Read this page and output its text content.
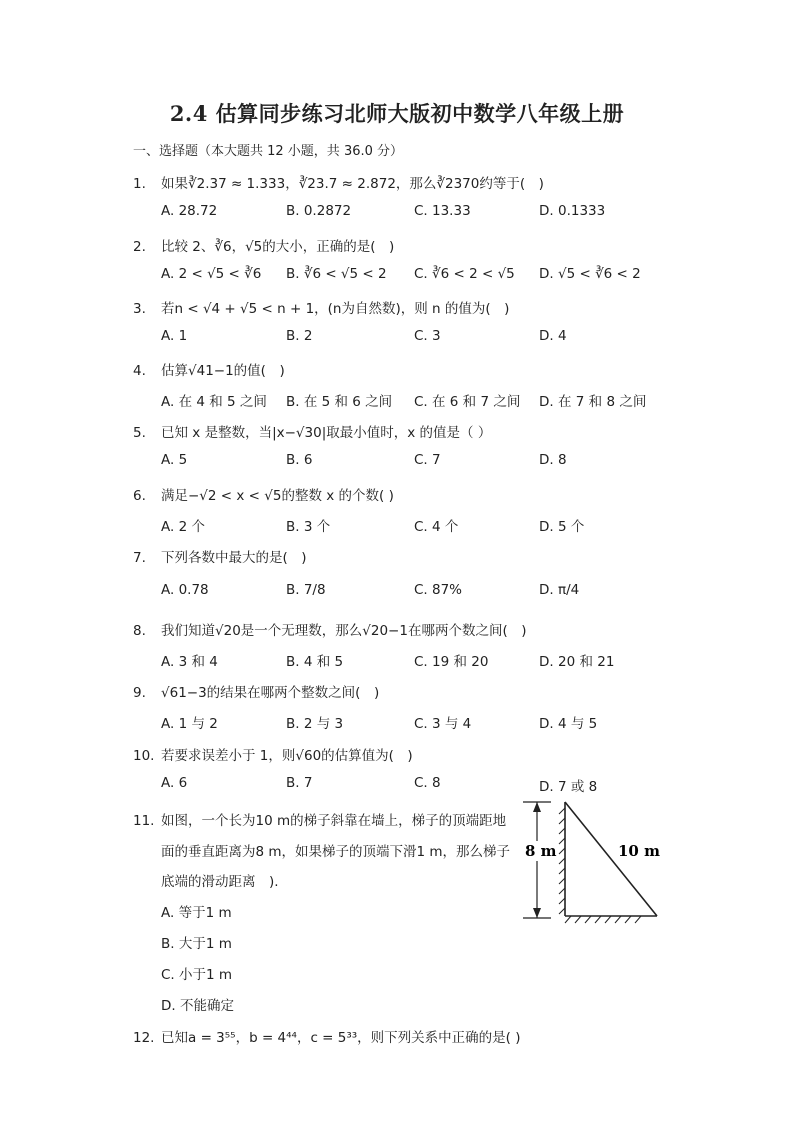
2.4 估算同步练习北师大版初中数学八年级上册
一、选择题（本大题共 12 小题，共 36.0 分）
1. 如果∛2.37 ≈ 1.333，∛23.7 ≈ 2.872，那么∛2370约等于(　)
A. 28.72	B. 0.2872	C. 13.33	D. 0.1333
2. 比较 2、∛6，√5的大小，正确的是(　)
A. 2 < √5 < ∛6 B. ∛6 < √5 < 2 C. ∛6 < 2 < √5 D. √5 < ∛6 < 2
3. 若n < √4 + √5 < n + 1，(n为自然数)，则 n 的值为(　)
A. 1	B. 2	C. 3	D. 4
4. 估算√41−1的值(　)
A. 在 4 和 5 之间 B. 在 5 和 6 之间 C. 在 6 和 7 之间 D. 在 7 和 8 之间
5. 已知 x 是整数，当|x−√30|取最小值时，x 的值是（ ）
A. 5	B. 6	C. 7	D. 8
6. 满足−√2 < x < √5的整数 x 的个数( )
A. 2 个	B. 3 个	C. 4 个	D. 5 个
7. 下列各数中最大的是(　)
A. 0.78	B. 7/8	C. 87%	D. π/4
8. 我们知道√20是一个无理数，那么√20−1在哪两个数之间(　)
A. 3 和 4	B. 4 和 5	C. 19 和 20	D. 20 和 21
9. √61−3的结果在哪两个整数之间(　)
A. 1 与 2	B. 2 与 3	C. 3 与 4	D. 4 与 5
10. 若要求误差小于 1，则√60的估算值为(　)
A. 6	B. 7	C. 8	D. 7 或 8
11. 如图，一个长为10 m的梯子斜靠在墙上，梯子的顶端距地
面的垂直距离为8 m，如果梯子的顶端下滑1 m，那么梯子
底端的滑动距离　).
A. 等于1 m
B. 大于1 m
C. 小于1 m
D. 不能确定
8 m	10 m
12. 已知a = 3⁵⁵，b = 4⁴⁴，c = 5³³，则下列关系中正确的是( )
